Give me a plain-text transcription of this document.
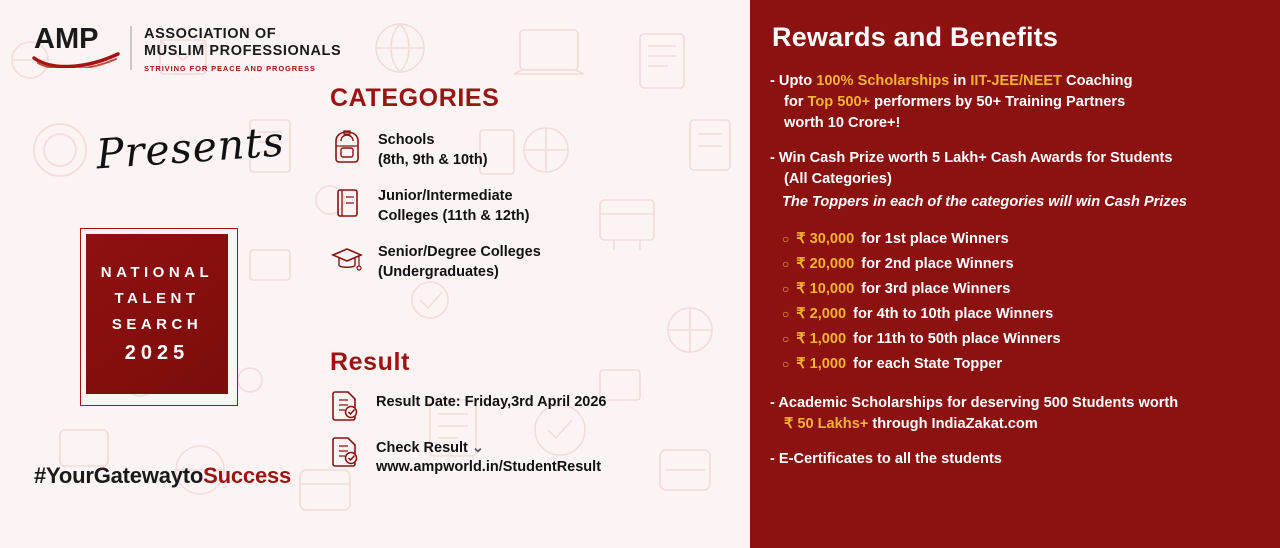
AMP	ASSOCIATION OF
MUSLIM PROFESSIONALS
STRIVING FOR PEACE AND PROGRESS
Presents
NATIONAL
TALENT
SEARCH
2025
#YourGatewaytoSuccess
CATEGORIES
Schools
(8th, 9th & 10th)
Junior/Intermediate
Colleges (11th & 12th)
Senior/Degree Colleges
(Undergraduates)
Result
Result Date: Friday,3rd April 2026
Check Result ⌄
www.ampworld.in/StudentResult
Rewards and Benefits
- Upto 100% Scholarships in IIT-JEE/NEET Coaching
for Top 500+ performers by 50+ Training Partners
worth 10 Crore+!
- Win Cash Prize worth 5 Lakh+ Cash Awards for Students
(All Categories)
The Toppers in each of the categories will win Cash Prizes
○ ₹ 30,000 for 1st place Winners
○ ₹ 20,000 for 2nd place Winners
○ ₹ 10,000 for 3rd place Winners
○ ₹ 2,000 for 4th to 10th place Winners
○ ₹ 1,000 for 11th to 50th place Winners
○ ₹ 1,000 for each State Topper
- Academic Scholarships for deserving 500 Students worth
₹ 50 Lakhs+ through IndiaZakat.com
- E-Certificates to all the students
